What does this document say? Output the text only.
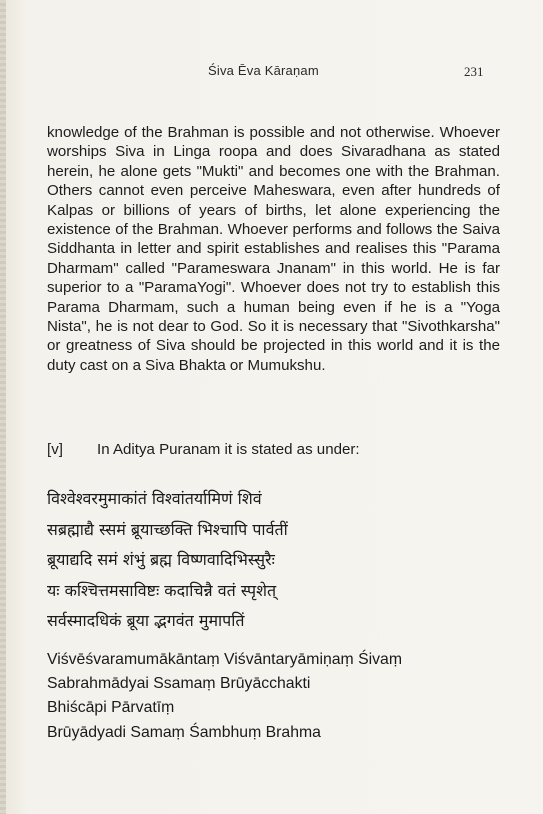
Śiva Ēva Kāraṇam	231

knowledge of the Brahman is possible and not otherwise. Whoever worships Siva in Linga roopa and does Sivaradhana as stated herein, he alone gets "Mukti" and becomes one with the Brahman. Others cannot even perceive Maheswara, even after hundreds of Kalpas or billions of years of births, let alone experiencing the existence of the Brahman. Whoever performs and follows the Saiva Siddhanta in letter and spirit establishes and realises this "Parama Dharmam" called "Parameswara Jnanam" in this world. He is far superior to a "ParamaYogi". Whoever does not try to establish this Parama Dharmam, such a human being even if he is a "Yoga Nista", he is not dear to God. So it is necessary that "Sivothkarsha" or greatness of Siva should be projected in this world and it is the duty cast on a Siva Bhakta or Mumukshu.

[v] In Aditya Puranam it is stated as under:
विश्वेश्वरमुमाकांतं विश्वांतर्यामिणं शिवं
सब्रह्माद्यै स्समं ब्रूयाच्छक्ति भिश्चापि पार्वतीं
ब्रूयाद्यदि समं शंभुं ब्रह्म विष्णवादिभिस्सुरैः
यः कश्चित्तमसाविष्टः कदाचिन्नै वतं स्पृशेत्
सर्वस्मादधिकं ब्रूया द्भगवंत मुमापतिं
Viśvēśvaramumākāntaṃ Viśvāntaryāmiṇaṃ Śivaṃ
Sabrahmādyai Ssamaṃ Brūyācchakti
Bhiścāpi Pārvatīṃ
Brūyādyadi Samaṃ Śambhuṃ Brahma
